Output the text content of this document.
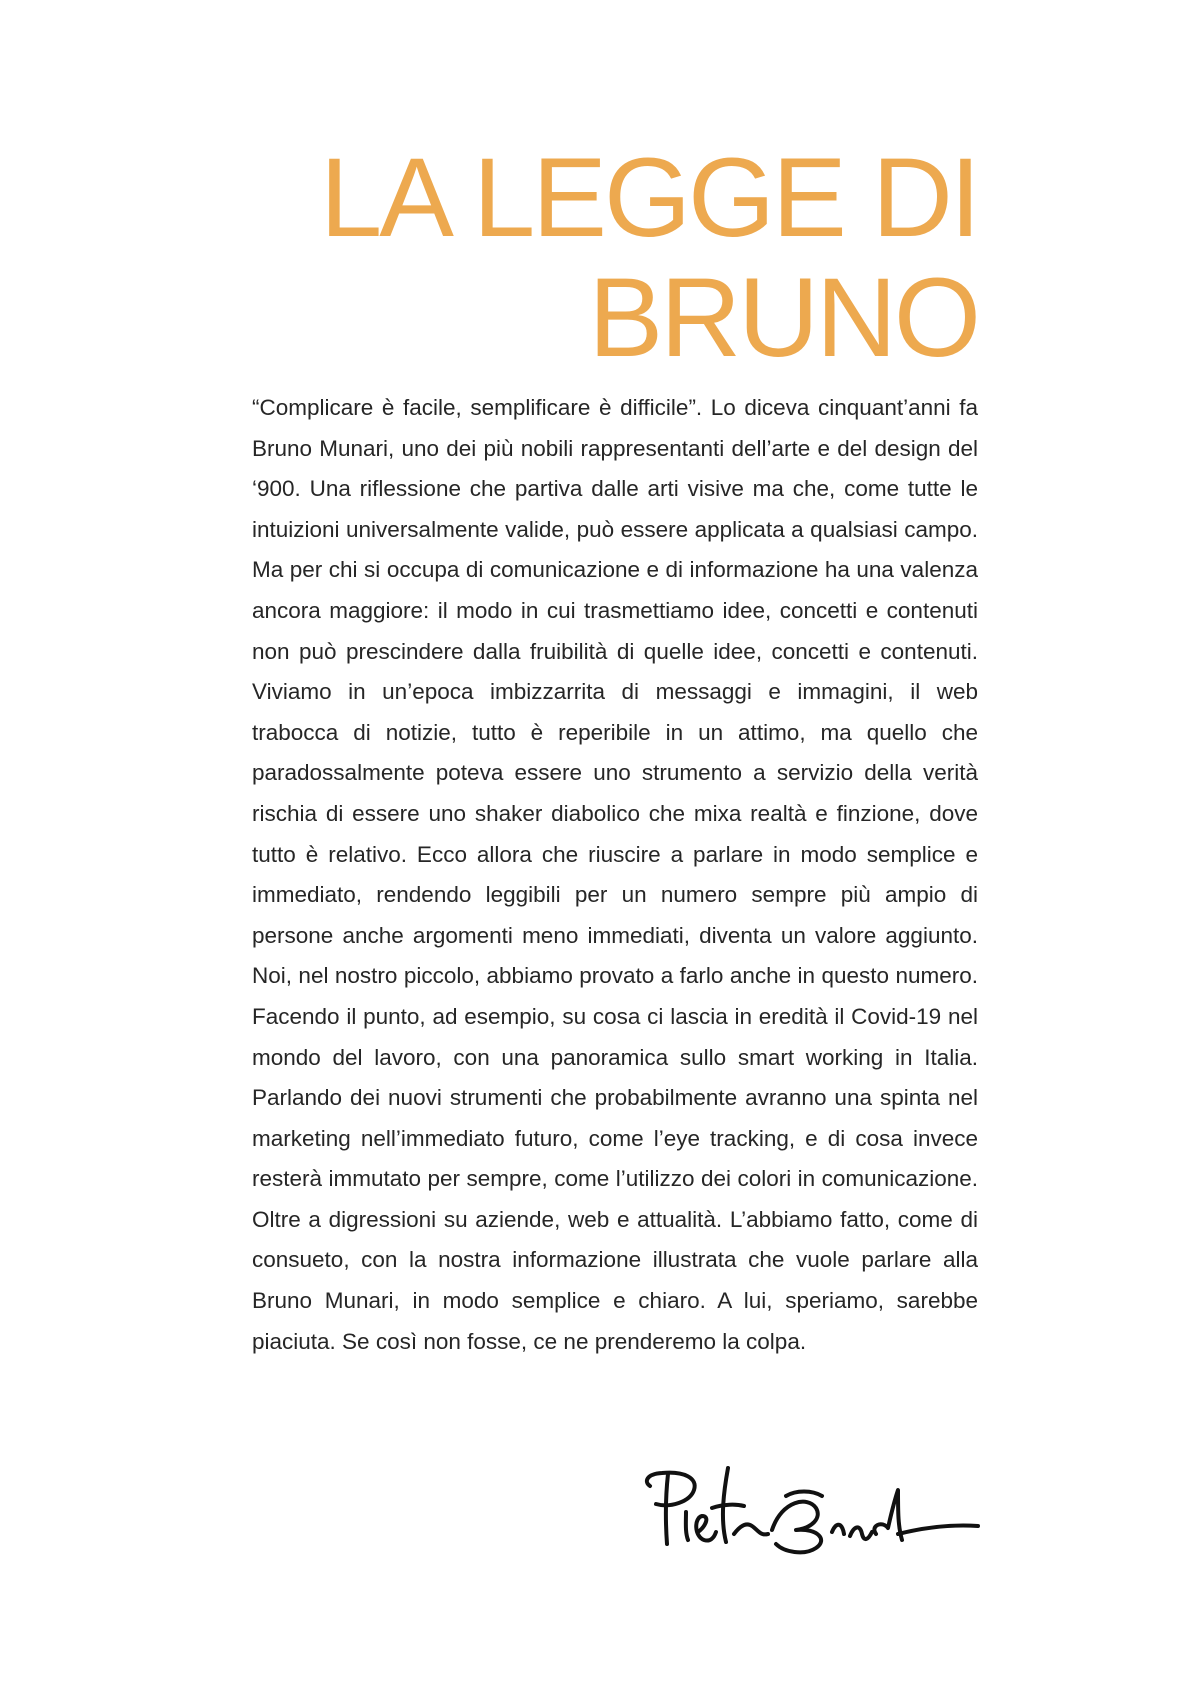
LA LEGGE DI
BRUNO

“Complicare è facile, semplificare è difficile”. Lo diceva cinquant’anni fa Bruno Munari, uno dei più nobili rappresentanti dell’arte e del design del ‘900. Una riflessione che partiva dalle arti visive ma che, come tutte le intuizioni universalmente valide, può essere applicata a qualsiasi campo. Ma per chi si occupa di comunicazione e di informazione ha una valenza ancora maggiore: il modo in cui trasmettiamo idee, concetti e contenuti non può prescindere dalla fruibilità di quelle idee, concetti e contenuti. Viviamo in un’epoca imbizzarrita di messaggi e immagini, il web trabocca di notizie, tutto è reperibile in un attimo, ma quello che paradossalmente poteva essere uno strumento a servizio della verità rischia di essere uno shaker diabolico che mixa realtà e finzione, dove tutto è relativo. Ecco allora che riuscire a parlare in modo semplice e immediato, rendendo leggibili per un numero sempre più ampio di persone anche argomenti meno immediati, diventa un valore aggiunto. Noi, nel nostro piccolo, abbiamo provato a farlo anche in questo numero. Facendo il punto, ad esempio, su cosa ci lascia in eredità il Covid-19 nel mondo del lavoro, con una panoramica sullo smart working in Italia. Parlando dei nuovi strumenti che probabilmente avranno una spinta nel marketing nell’immediato futuro, come l’eye tracking, e di cosa invece resterà immutato per sempre, come l’utilizzo dei colori in comunicazione. Oltre a digressioni su aziende, web e attualità. L’abbiamo fatto, come di consueto, con la nostra informazione illustrata che vuole parlare alla Bruno Munari, in modo semplice e chiaro. A lui, speriamo, sarebbe piaciuta. Se così non fosse, ce ne prenderemo la colpa.
